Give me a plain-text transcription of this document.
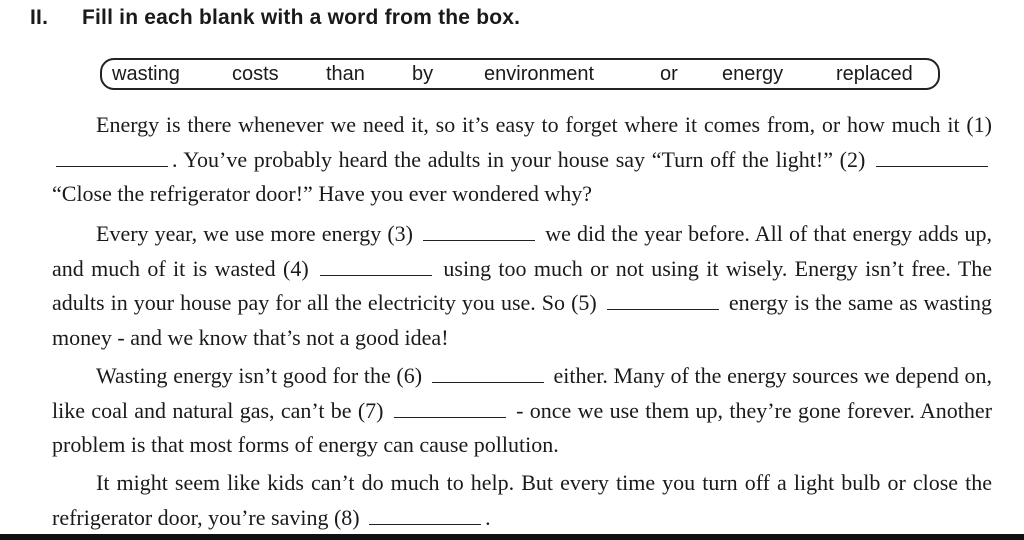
II. Fill in each blank with a word from the box.
wasting	costs than by	environment	or energy	replaced
Energy is there whenever we need it, so it’s easy to forget where it comes from, or how much it (1) . You’ve probably heard the adults in your house say “Turn off the light!” (2)  “Close the refrigerator door!” Have you ever wondered why?
Every year, we use more energy (3)	we did the year before. All of that energy adds up, and much of it is wasted (4)	using too much or not using it wisely. Energy isn’t free. The adults in your house pay for all the electricity you use. So (5)	energy is the same as wasting money - and we know that’s not a good idea!
Wasting energy isn’t good for the (6)	either. Many of the energy sources we depend on, like coal and natural gas, can’t be (7)	- once we use them up, they’re gone forever. Another problem is that most forms of energy can cause pollution.
It might seem like kids can’t do much to help. But every time you turn off a light bulb or close the refrigerator door, you’re saving (8)	.
